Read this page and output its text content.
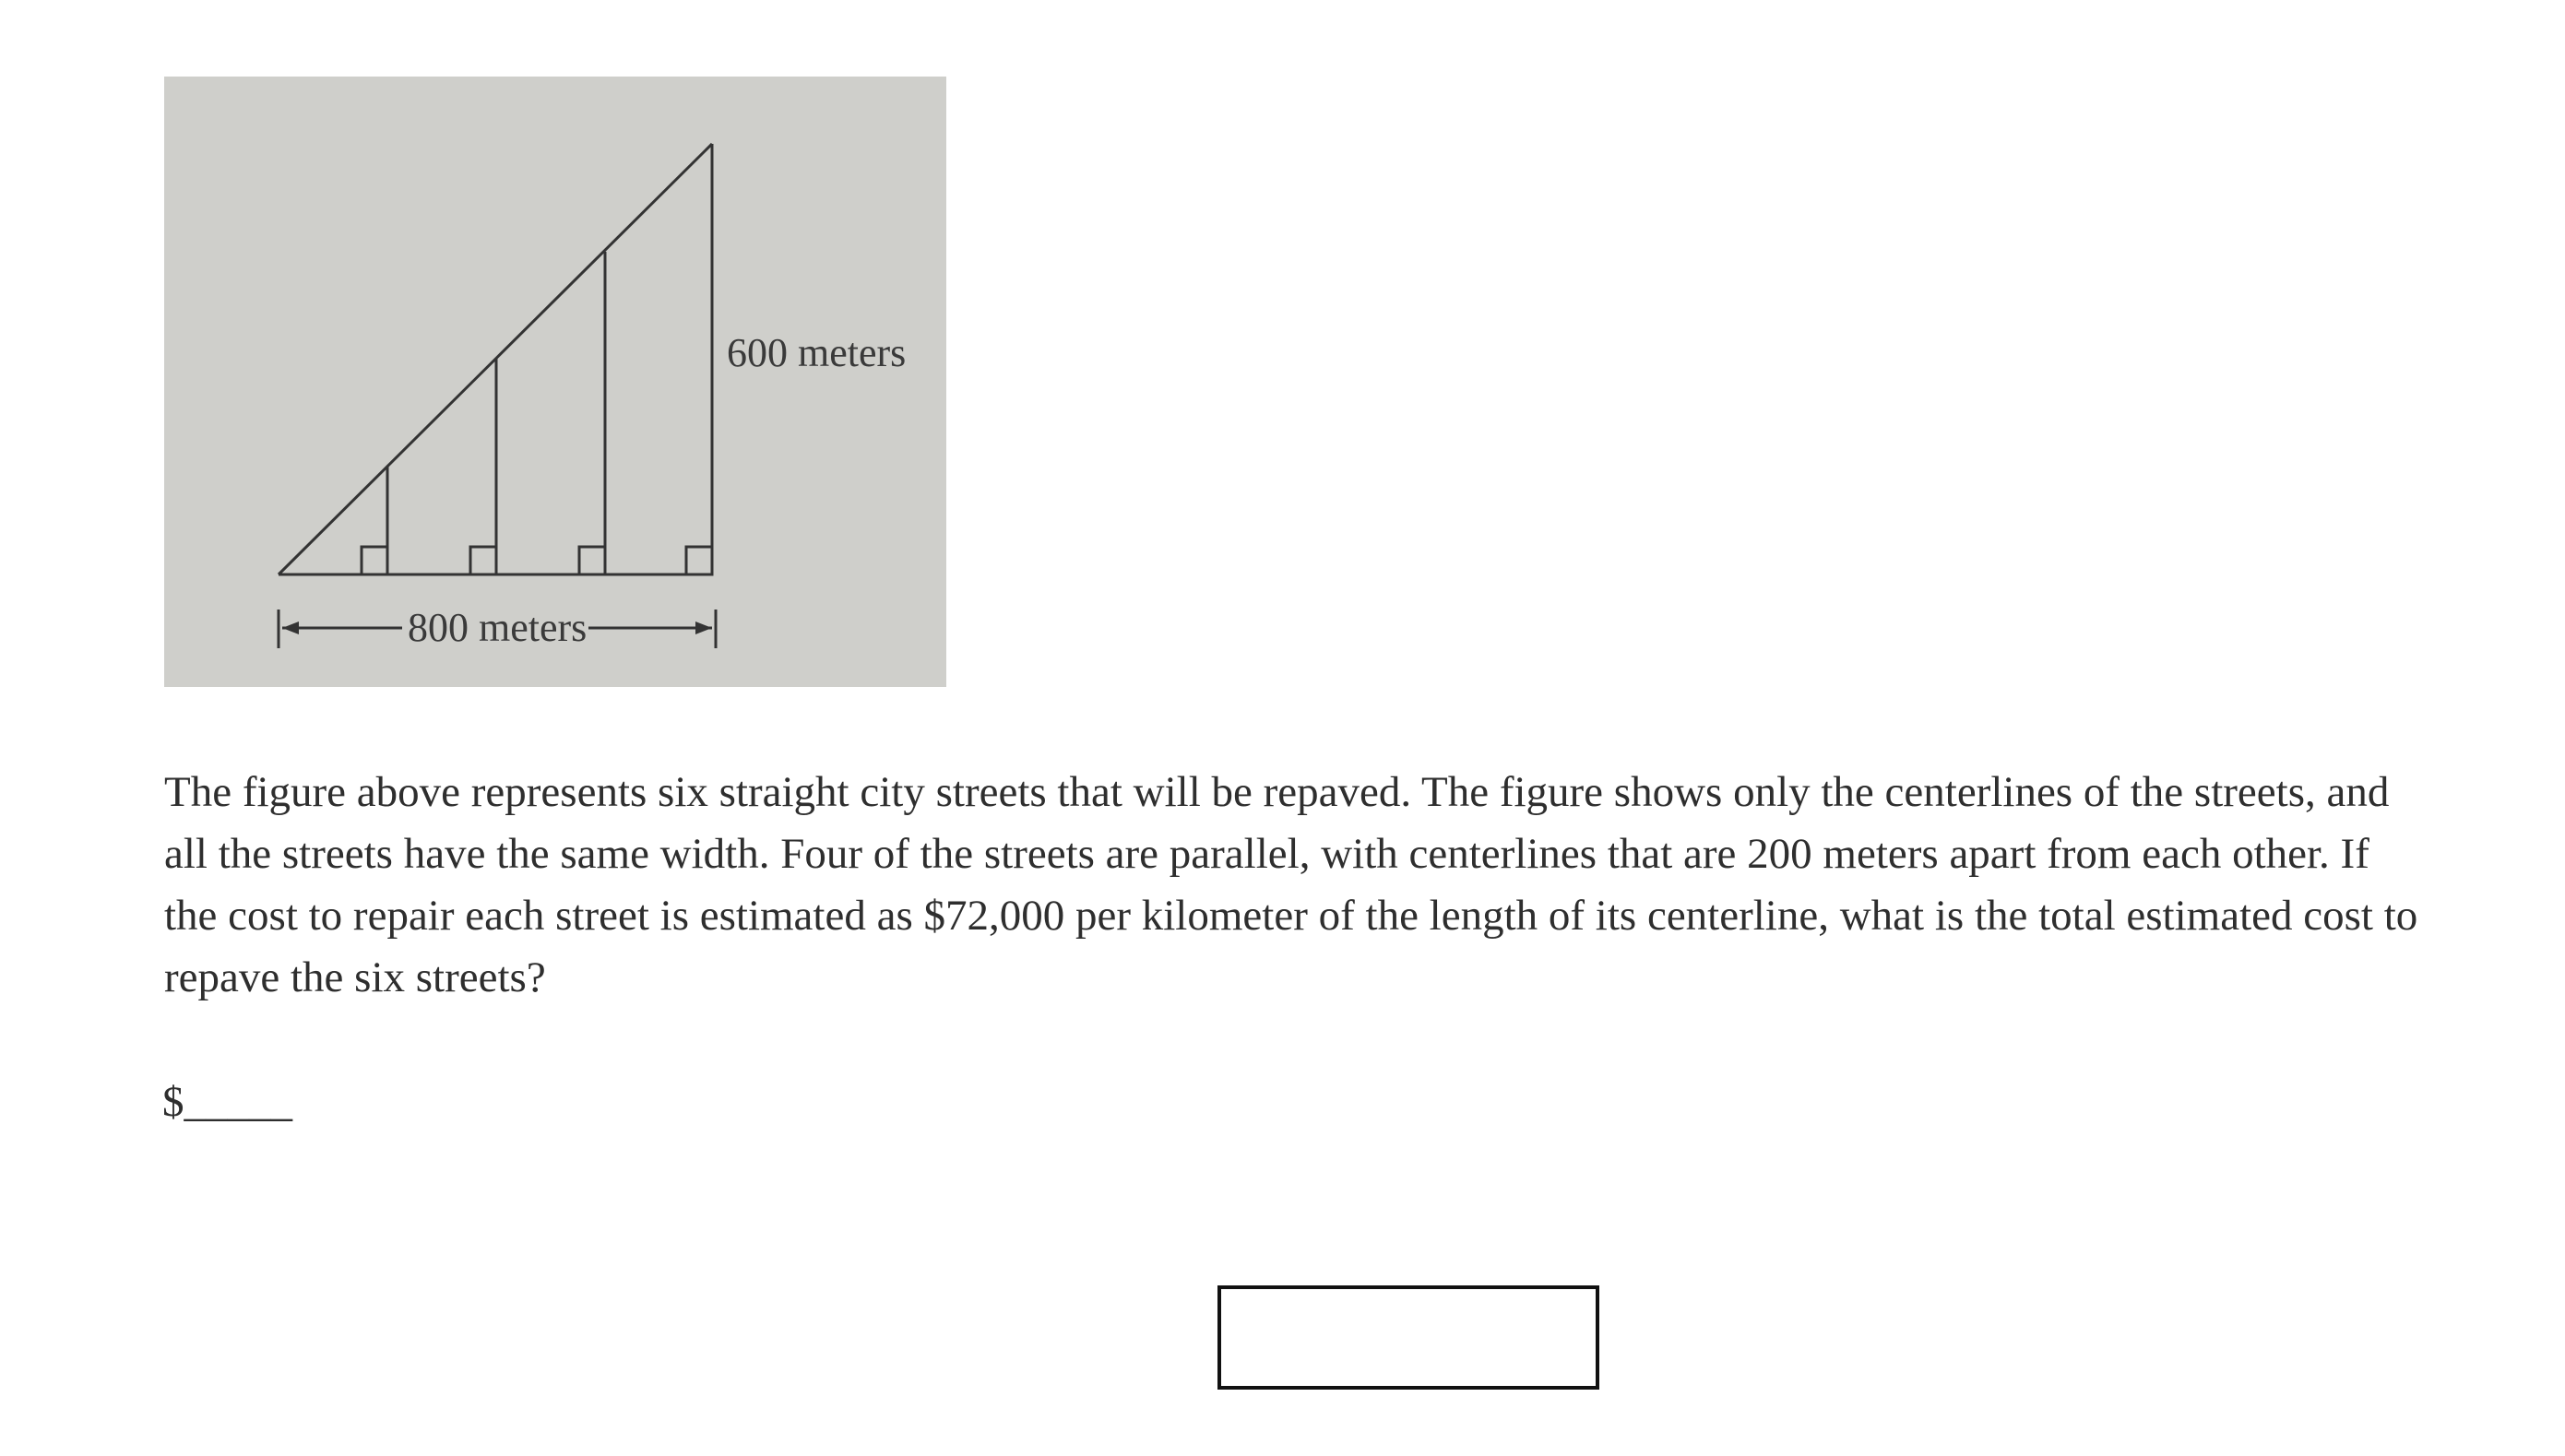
600 meters
800 meters
The figure above represents six straight city streets that will be repaved. The figure shows only the centerlines of the streets, and all the streets have the same width. Four of the streets are parallel, with centerlines that are 200 meters apart from each other. If the cost to repair each street is estimated as $72,000 per kilometer of the length of its centerline, what is the total estimated cost to repave the six streets?
$_____
